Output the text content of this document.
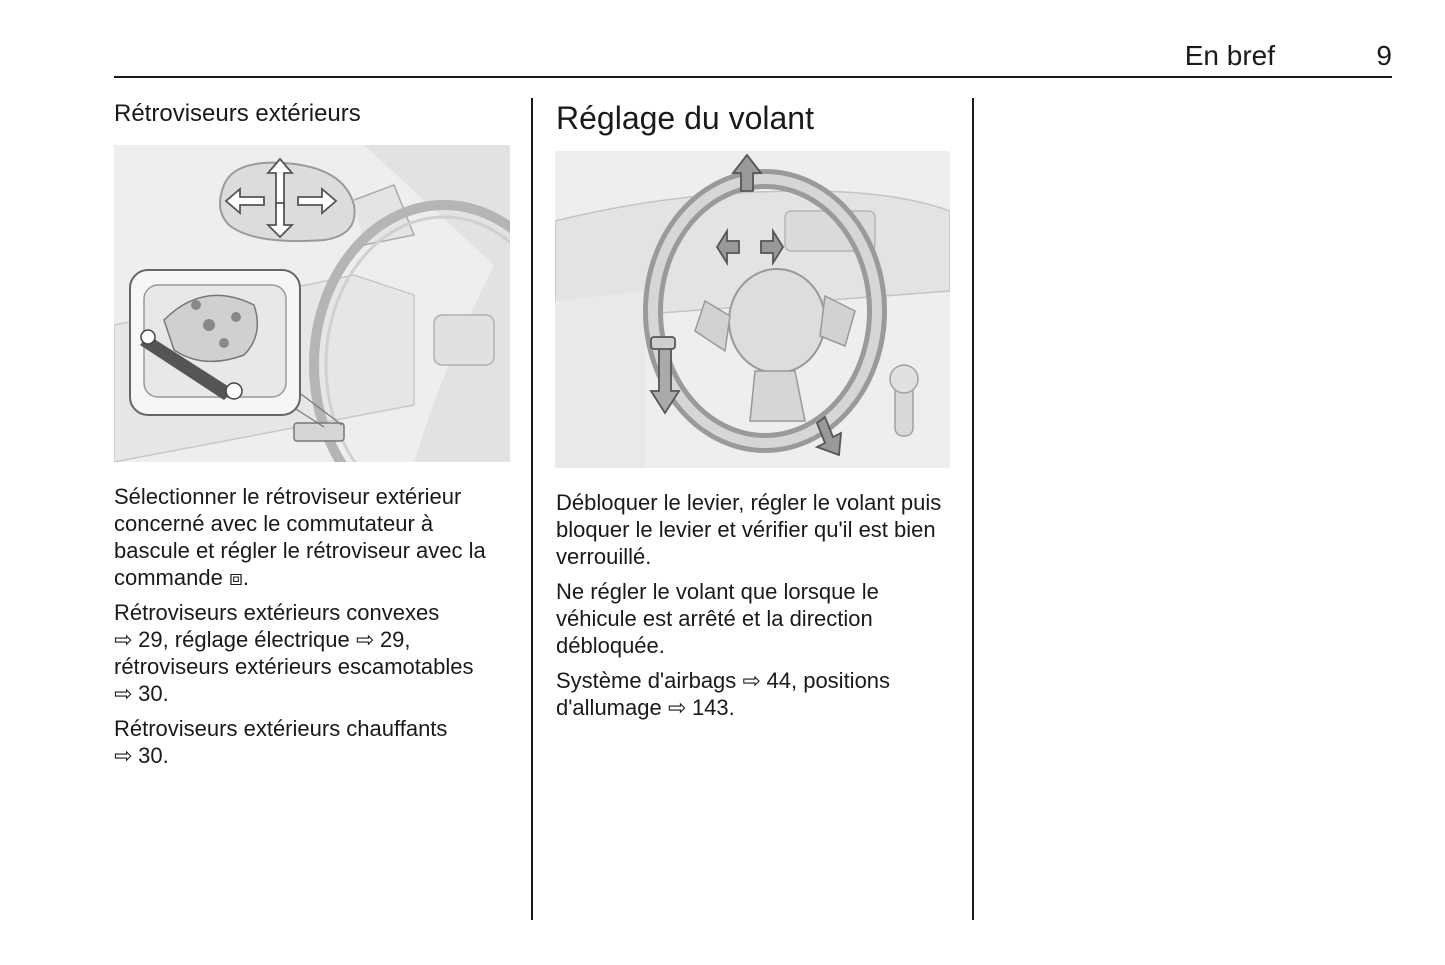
En bref	9
Rétroviseurs extérieurs

Sélectionner le rétroviseur extérieur concerné avec le commutateur à bascule et régler le rétroviseur avec la commande ⧈.

Rétroviseurs extérieurs convexes
⇨ 29, réglage électrique ⇨ 29, rétroviseurs extérieurs escamotables
⇨ 30.

Rétroviseurs extérieurs chauffants
⇨ 30.

Réglage du volant

Débloquer le levier, régler le volant puis bloquer le levier et vérifier qu'il est bien verrouillé.

Ne régler le volant que lorsque le véhicule est arrêté et la direction débloquée.

Système d'airbags ⇨ 44, positions d'allumage ⇨ 143.
